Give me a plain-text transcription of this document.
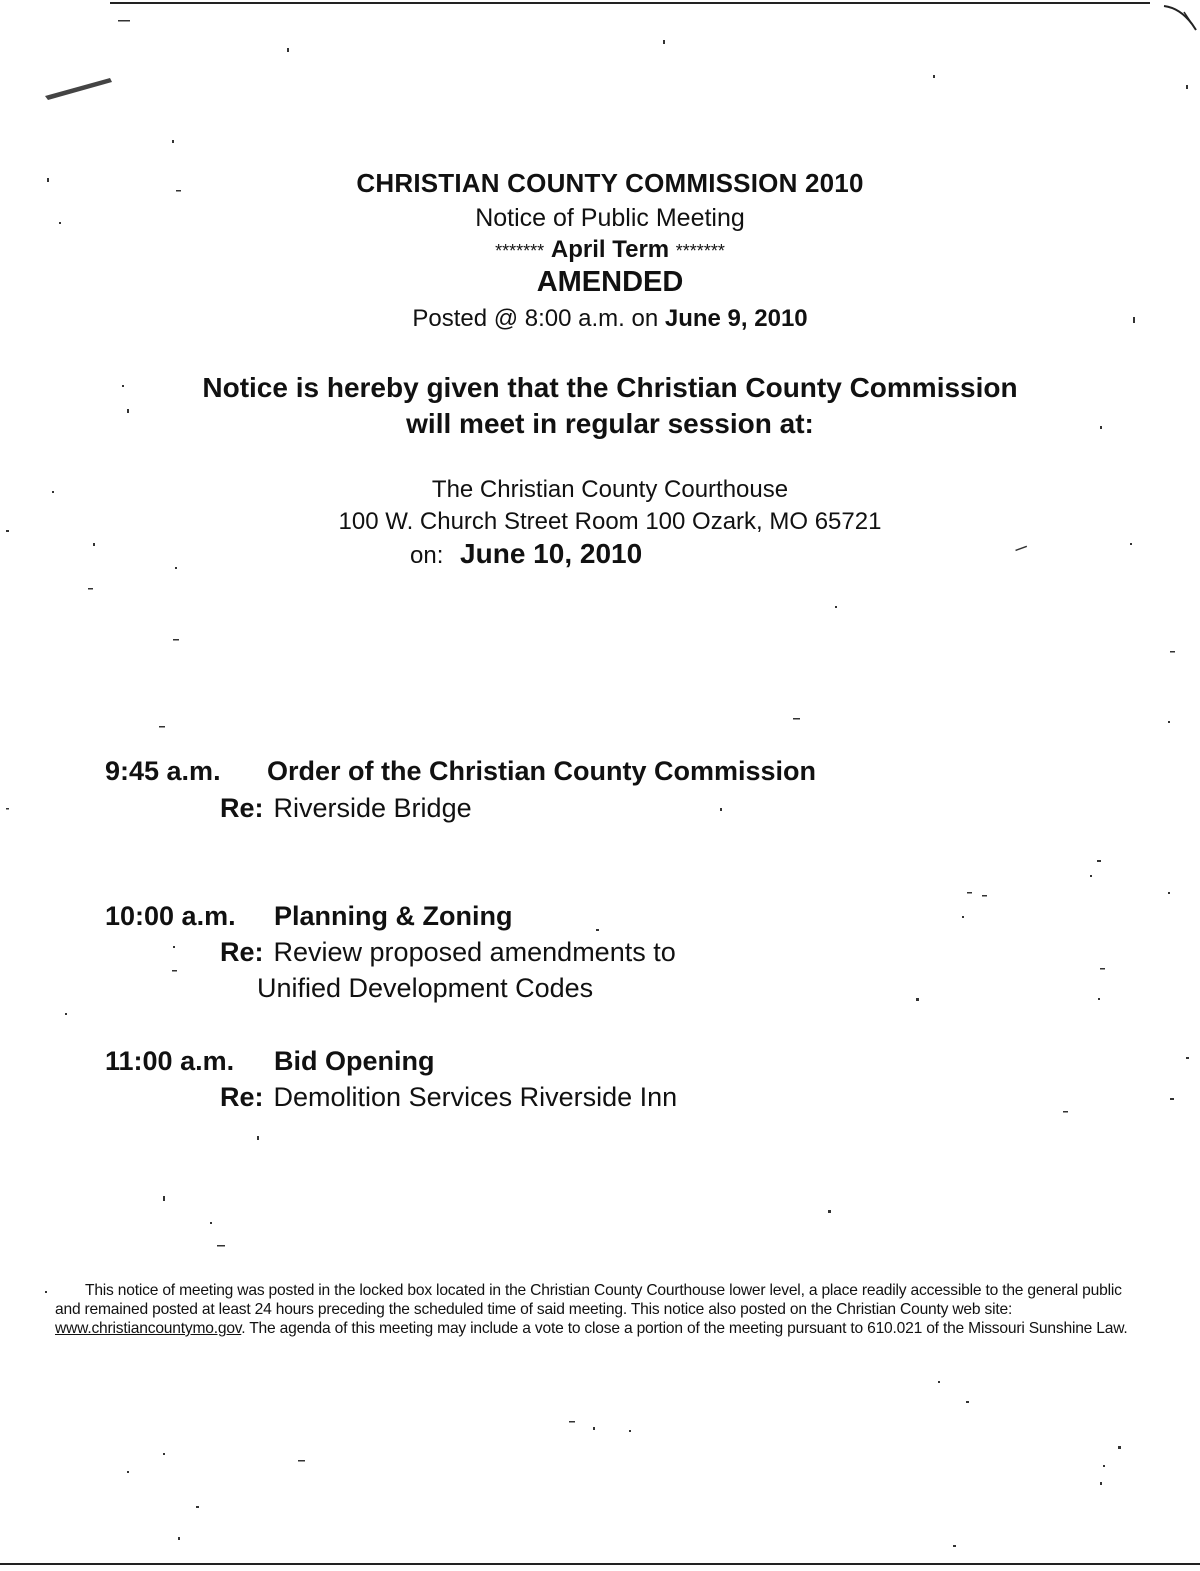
CHRISTIAN COUNTY COMMISSION 2010
Notice of Public Meeting
******* April Term *******
AMENDED
Posted @ 8:00 a.m. on June 9, 2010
Notice is hereby given that the Christian County Commission
will meet in regular session at:
The Christian County Courthouse
100 W. Church Street Room 100 Ozark, MO 65721
on: June 10, 2010
9:45 a.m. Order of the Christian County Commission
Re: Riverside Bridge
10:00 a.m. Planning & Zoning
Re: Review proposed amendments to
Unified Development Codes
11:00 a.m. Bid Opening
Re: Demolition Services Riverside Inn
This notice of meeting was posted in the locked box located in the Christian County Courthouse lower level, a place readily accessible to the general public and remained posted at least 24 hours preceding the scheduled time of said meeting. This notice also posted on the Christian County web site:
www.christiancountymo.gov. The agenda of this meeting may include a vote to close a portion of the meeting pursuant to 610.021 of the Missouri Sunshine Law.
